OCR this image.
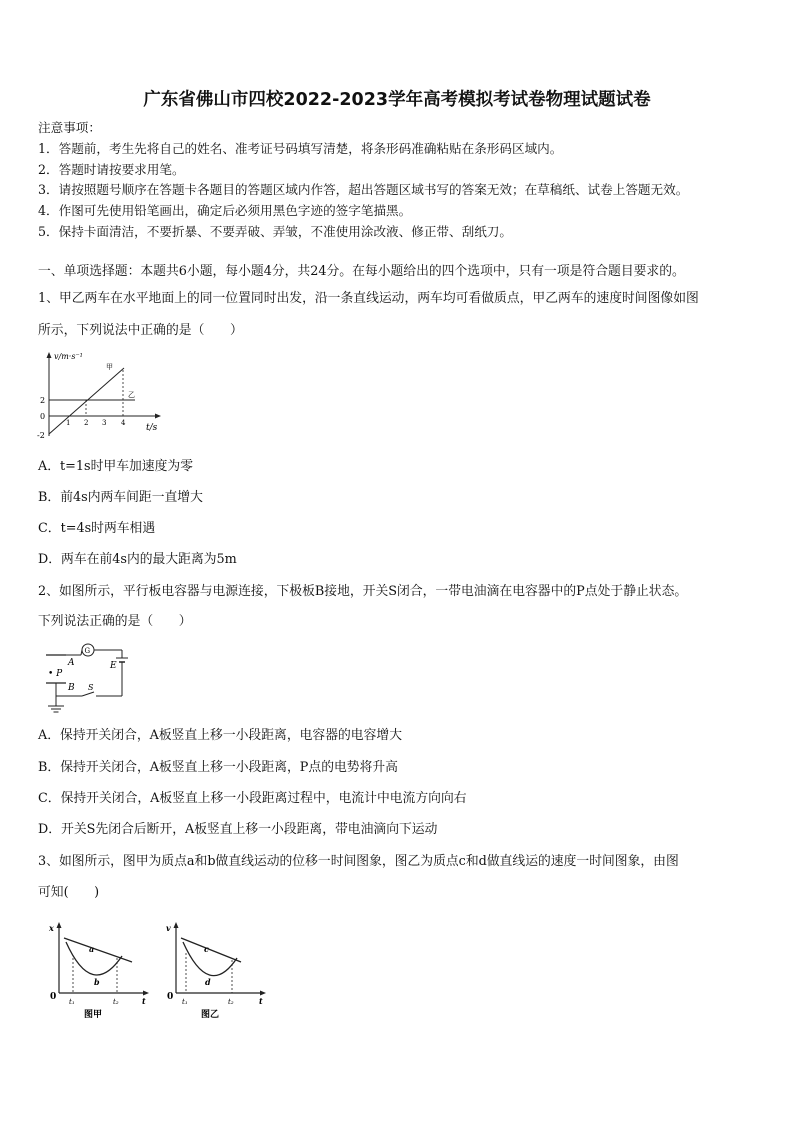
广东省佛山市四校2022-2023学年高考模拟考试卷物理试题试卷
注意事项：
1．答题前，考生先将自己的姓名、准考证号码填写清楚，将条形码准确粘贴在条形码区域内。
2．答题时请按要求用笔。
3．请按照题号顺序在答题卡各题目的答题区域内作答，超出答题区域书写的答案无效；在草稿纸、试卷上答题无效。
4．作图可先使用铅笔画出，确定后必须用黑色字迹的签字笔描黑。
5．保持卡面清洁，不要折暴、不要弄破、弄皱，不准使用涂改液、修正带、刮纸刀。
一、单项选择题：本题共6小题，每小题4分，共24分。在每小题给出的四个选项中，只有一项是符合题目要求的。
1、甲乙两车在水平地面上的同一位置同时出发，沿一条直线运动，两车均可看做质点，甲乙两车的速度时间图像如图
所示，下列说法中正确的是（　　）
v/m·s⁻¹
t/s
2
0
-2
1 2 3 4
甲
乙
A．t=1s时甲车加速度为零
B．前4s内两车间距一直增大
C．t=4s时两车相遇
D．两车在前4s内的最大距离为5m
2、如图所示，平行板电容器与电源连接，下极板B接地，开关S闭合，一带电油滴在电容器中的P点处于静止状态。
下列说法正确的是（　　）
G
E
A
• P
B S
A．保持开关闭合，A板竖直上移一小段距离，电容器的电容增大
B．保持开关闭合，A板竖直上移一小段距离，P点的电势将升高
C．保持开关闭合，A板竖直上移一小段距离过程中，电流计中电流方向向右
D．开关S先闭合后断开，A板竖直上移一小段距离，带电油滴向下运动
3、如图所示，图甲为质点a和b做直线运动的位移一时间图象，图乙为质点c和d做直线运的速度一时间图象，由图
可知(　　)
x
t
0 t₁	t₂
a
b
图甲
v
t
0 t₁	t₂
c
d
图乙
